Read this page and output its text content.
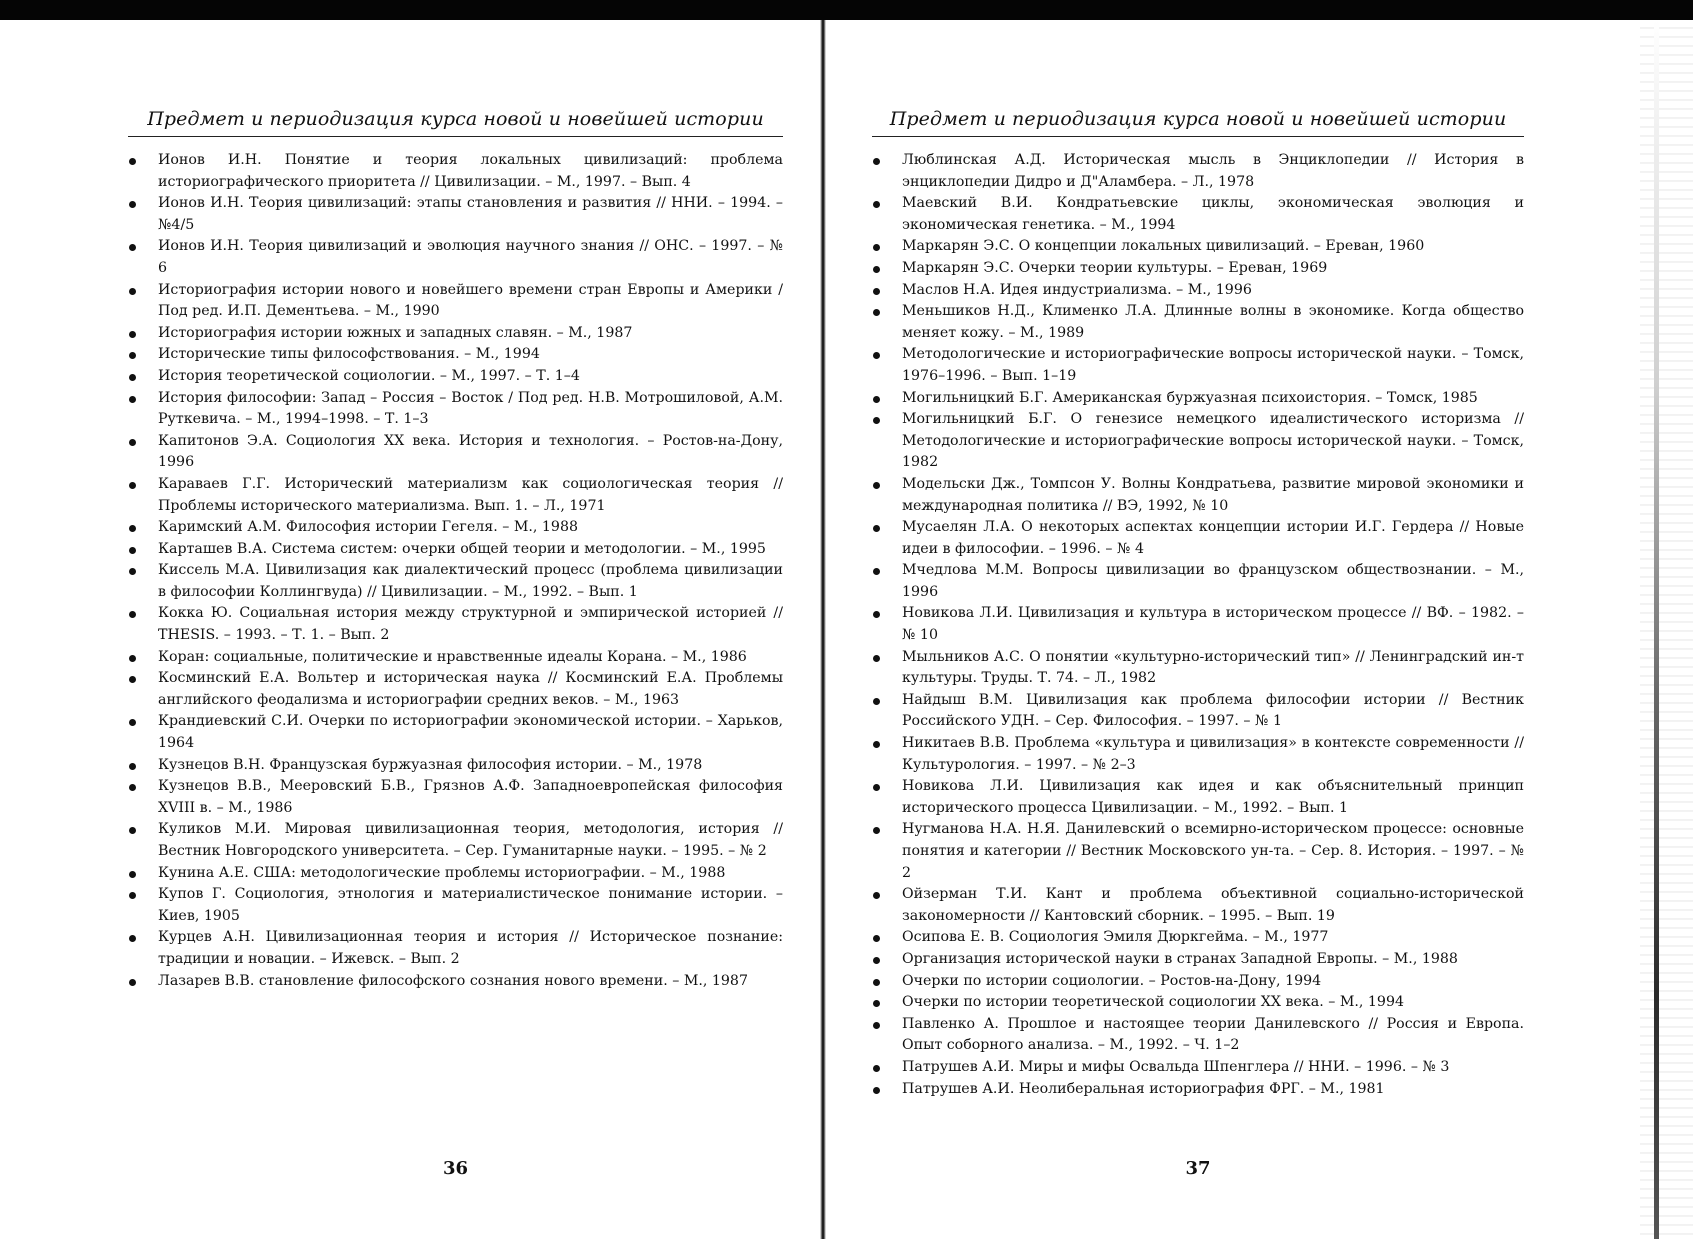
Предмет и периодизация курса новой и новейшей истории
Ионов И.Н. Понятие и теория локальных цивилизаций: проблема историографического приоритета // Цивилизации. – М., 1997. – Вып. 4
Ионов И.Н. Теория цивилизаций: этапы становления и развития // ННИ. – 1994. – №4/5
Ионов И.Н. Теория цивилизаций и эволюция научного знания // ОНС. – 1997. – № 6
Историография истории нового и новейшего времени стран Европы и Америки / Под ред. И.П. Дементьева. – М., 1990
Историография истории южных и западных славян. – М., 1987
Исторические типы философствования. – М., 1994
История теоретической социологии. – М., 1997. – Т. 1–4
История философии: Запад – Россия – Восток / Под ред. Н.В. Мотрошиловой, А.М. Руткевича. – М., 1994–1998. – Т. 1–3
Капитонов Э.А. Социология XX века. История и технология. – Ростов-на-Дону, 1996
Караваев Г.Г. Исторический материализм как социологическая теория // Проблемы исторического материализма. Вып. 1. – Л., 1971
Каримский А.М. Философия истории Гегеля. – М., 1988
Карташев В.А. Система систем: очерки общей теории и методологии. – М., 1995
Киссель М.А. Цивилизация как диалектический процесс (проблема цивилизации в философии Коллингвуда) // Цивилизации. – М., 1992. – Вып. 1
Кокка Ю. Социальная история между структурной и эмпирической историей // THESIS. – 1993. – Т. 1. – Вып. 2
Коран: социальные, политические и нравственные идеалы Корана. – М., 1986
Косминский Е.А. Вольтер и историческая наука // Косминский Е.А. Проблемы английского феодализма и историографии средних веков. – М., 1963
Крандиевский С.И. Очерки по историографии экономической истории. – Харьков, 1964
Кузнецов В.Н. Французская буржуазная философия истории. – М., 1978
Кузнецов В.В., Мееровский Б.В., Грязнов А.Ф. Западноевропейская философия XVIII в. – М., 1986
Куликов М.И. Мировая цивилизационная теория, методология, история // Вестник Новгородского университета. – Сер. Гуманитарные науки. – 1995. – № 2
Кунина А.Е. США: методологические проблемы историографии. – М., 1988
Купов Г. Социология, этнология и материалистическое понимание истории. – Киев, 1905
Курцев А.Н. Цивилизационная теория и история // Историческое познание: традиции и новации. – Ижевск. – Вып. 2
Лазарев В.В. становление философского сознания нового времени. – М., 1987
36
Предмет и периодизация курса новой и новейшей истории
Люблинская А.Д. Историческая мысль в Энциклопедии // История в энциклопедии Дидро и Д"Аламбера. – Л., 1978
Маевский В.И. Кондратьевские циклы, экономическая эволюция и экономическая генетика. – М., 1994
Маркарян Э.С. О концепции локальных цивилизаций. – Ереван, 1960
Маркарян Э.С. Очерки теории культуры. – Ереван, 1969
Маслов Н.А. Идея индустриализма. – М., 1996
Меньшиков Н.Д., Клименко Л.А. Длинные волны в экономике. Когда общество меняет кожу. – М., 1989
Методологические и историографические вопросы исторической науки. – Томск, 1976–1996. – Вып. 1–19
Могильницкий Б.Г. Американская буржуазная психоистория. – Томск, 1985
Могильницкий Б.Г. О генезисе немецкого идеалистического историзма // Методологические и историографические вопросы исторической науки. – Томск, 1982
Модельски Дж., Томпсон У. Волны Кондратьева, развитие мировой экономики и международная политика // ВЭ, 1992, № 10
Мусаелян Л.А. О некоторых аспектах концепции истории И.Г. Гердера // Новые идеи в философии. – 1996. – № 4
Мчедлова М.М. Вопросы цивилизации во французском обществознании. – М., 1996
Новикова Л.И. Цивилизация и культура в историческом процессе // ВФ. – 1982. – № 10
Мыльников А.С. О понятии «культурно-исторический тип» // Ленинградский ин-т культуры. Труды. Т. 74. – Л., 1982
Найдыш В.М. Цивилизация как проблема философии истории // Вестник Российского УДН. – Сер. Философия. – 1997. – № 1
Никитаев В.В. Проблема «культура и цивилизация» в контексте современности // Культурология. – 1997. – № 2–3
Новикова Л.И. Цивилизация как идея и как объяснительный принцип исторического процесса Цивилизации. – М., 1992. – Вып. 1
Нугманова Н.А. Н.Я. Данилевский о всемирно-историческом процессе: основные понятия и категории // Вестник Московского ун-та. – Сер. 8. История. – 1997. – № 2
Ойзерман Т.И. Кант и проблема объективной социально-исторической закономерности // Кантовский сборник. – 1995. – Вып. 19
Осипова Е. В. Социология Эмиля Дюркгейма. – М., 1977
Организация исторической науки в странах Западной Европы. – М., 1988
Очерки по истории социологии. – Ростов-на-Дону, 1994
Очерки по истории теоретической социологии XX века. – М., 1994
Павленко А. Прошлое и настоящее теории Данилевского // Россия и Европа. Опыт соборного анализа. – М., 1992. – Ч. 1–2
Патрушев А.И. Миры и мифы Освальда Шпенглера // ННИ. – 1996. – № 3
Патрушев А.И. Неолиберальная историография ФРГ. – М., 1981
37
